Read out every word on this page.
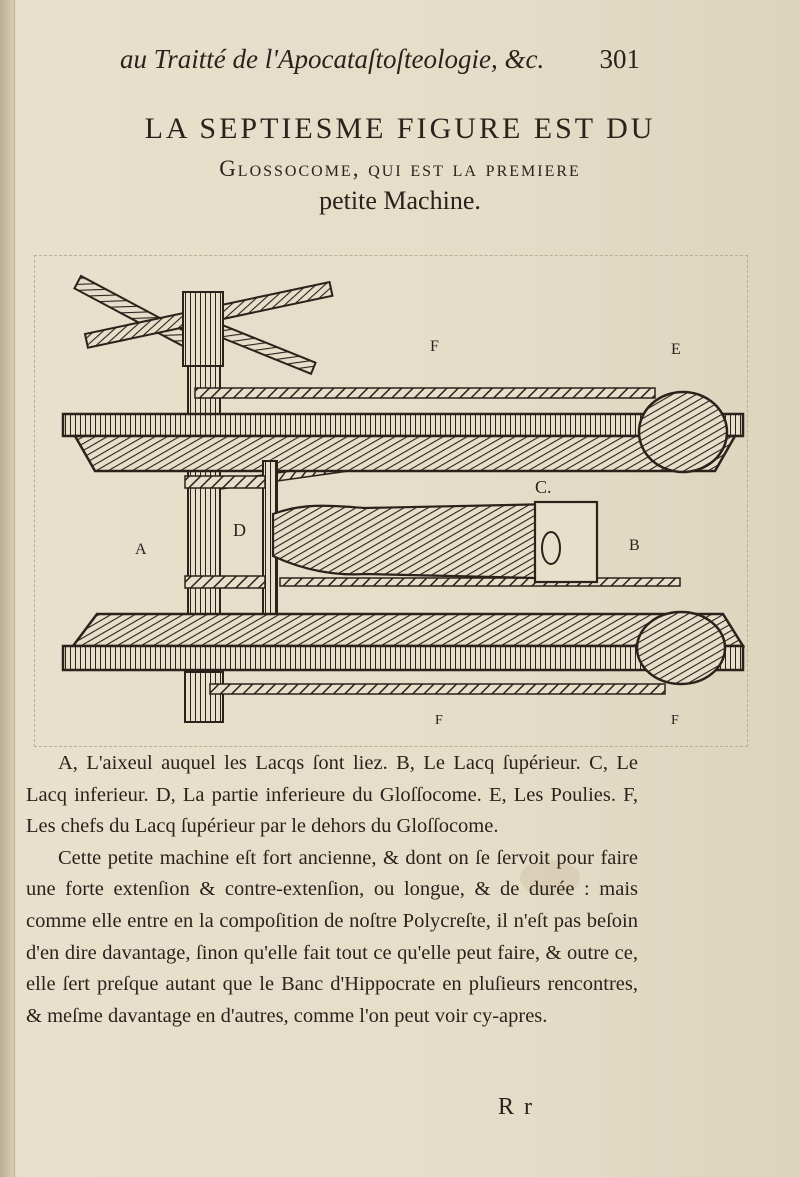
au Traitté de l'Apocataſtoſteologie, &c. 301
LA SEPTIESME FIGURE EST DU
Glossocome, qui est la premiere
petite Machine.
F	E
C.
D
A	B
F	F

A, L'aixeul auquel les Lacqs ſont liez. B, Le Lacq ſupérieur. C, Le Lacq inferieur. D, La partie inferieure du Gloſſocome. E, Les Poulies. F, Les chefs du Lacq ſupérieur par le dehors du Gloſſocome.

Cette petite machine eſt fort ancienne, & dont on ſe ſervoit pour faire une forte extenſion & contre-extenſion, ou longue, & de durée : mais comme elle entre en la compoſition de noſtre Polycreſte, il n'eſt pas beſoin d'en dire davantage, ſinon qu'elle fait tout ce qu'elle peut faire, & outre ce, elle ſert preſque autant que le Banc d'Hippocrate en pluſieurs rencontres, & meſme davantage en d'autres, comme l'on peut voir cy-apres.

R r
